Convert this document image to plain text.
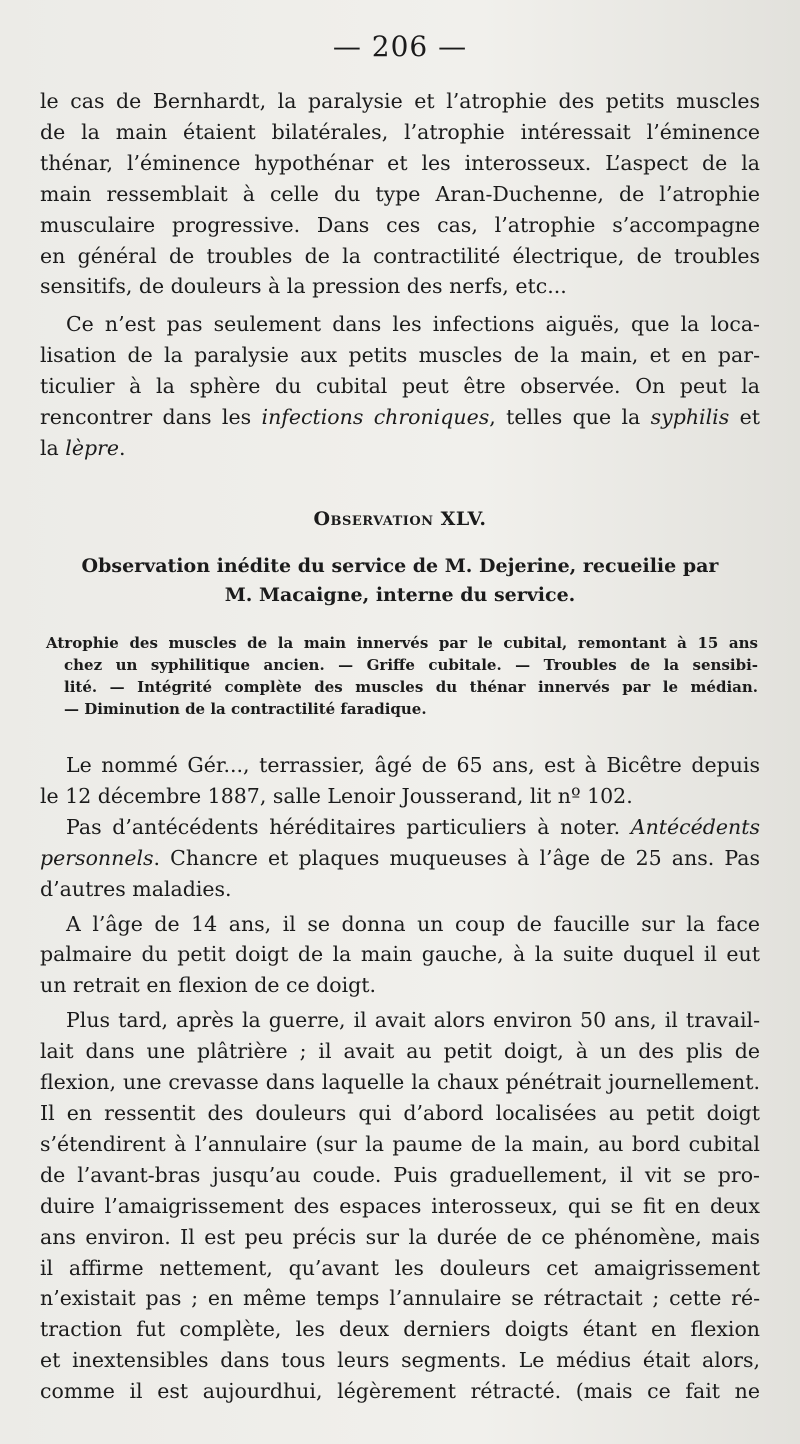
— 206 —

le cas de Bernhardt, la paralysie et l’atrophie des petits muscles

de la main étaient bilatérales, l’atrophie intéressait l’éminence

thénar, l’éminence hypothénar et les interosseux. L’aspect de la

main ressemblait à celle du type Aran-Duchenne, de l’atrophie

musculaire progressive. Dans ces cas, l’atrophie s’accompagne

en général de troubles de la contractilité électrique, de troubles

sensitifs, de douleurs à la pression des nerfs, etc...

Ce n’est pas seulement dans les infections aiguës, que la loca-

lisation de la paralysie aux petits muscles de la main, et en par-

ticulier à la sphère du cubital peut être observée. On peut la

rencontrer dans les infections chroniques, telles que la syphilis et

la lèpre.

Observation XLV.
Observation inédite du service de M. Dejerine, recueilie par
M. Macaigne, interne du service.

Atrophie des muscles de la main innervés par le cubital, remontant à 15 ans

chez un syphilitique ancien. — Griffe cubitale. — Troubles de la sensibi-

lité. — Intégrité complète des muscles du thénar innervés par le médian.

— Diminution de la contractilité faradique.

Le nommé Gér..., terrassier, âgé de 65 ans, est à Bicêtre depuis

le 12 décembre 1887, salle Lenoir Jousserand, lit nº 102.

Pas d’antécédents héréditaires particuliers à noter. Antécédents

personnels. Chancre et plaques muqueuses à l’âge de 25 ans. Pas

d’autres maladies.

A l’âge de 14 ans, il se donna un coup de faucille sur la face

palmaire du petit doigt de la main gauche, à la suite duquel il eut

un retrait en flexion de ce doigt.

Plus tard, après la guerre, il avait alors environ 50 ans, il travail-

lait dans une plâtrière ; il avait au petit doigt, à un des plis de

flexion, une crevasse dans laquelle la chaux pénétrait journellement.

Il en ressentit des douleurs qui d’abord localisées au petit doigt

s’étendirent à l’annulaire (sur la paume de la main, au bord cubital

de l’avant-bras jusqu’au coude. Puis graduellement, il vit se pro-

duire l’amaigrissement des espaces interosseux, qui se fit en deux

ans environ. Il est peu précis sur la durée de ce phénomène, mais

il affirme nettement, qu’avant les douleurs cet amaigrissement

n’existait pas ; en même temps l’annulaire se rétractait ; cette ré-

traction fut complète, les deux derniers doigts étant en flexion

et inextensibles dans tous leurs segments. Le médius était alors,

comme il est aujourdhui, légèrement rétracté. (mais ce fait ne
